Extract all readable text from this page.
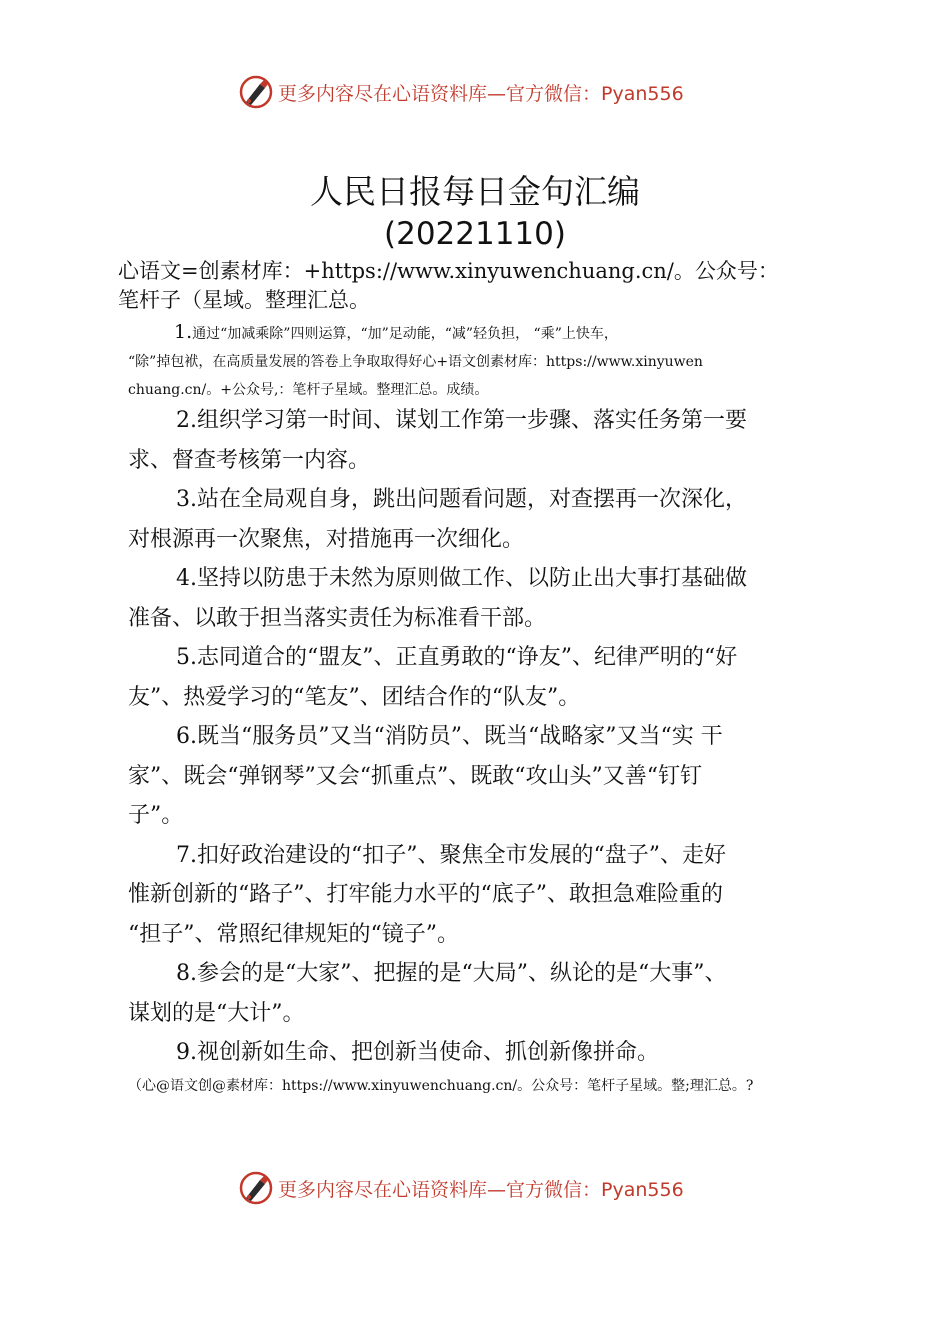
更多内容尽在心语资料库—官方微信：Pyan556
人民日报每日金句汇编
(20221110)
心语文=创素材库：+https://www.xinyuwenchuang.cn/。公众号：
笔杆子（星域。整理汇总。
1.通过“加减乘除”四则运算，“加”足动能，“减”轻负担， “乘”上快车，
“除”掉包袱，在高质量发展的答卷上争取取得好心+语文创素材库：https://www.xinyuwen
chuang.cn/。+公众号,：笔杆子星域。整理汇总。成绩。
2.组织学习第一时间、谋划工作第一步骤、落实任务第一要
求、督查考核第一内容。
3.站在全局观自身，跳出问题看问题，对查摆再一次深化，
对根源再一次聚焦，对措施再一次细化。
4.坚持以防患于未然为原则做工作、以防止出大事打基础做
准备、以敢于担当落实责任为标准看干部。
5.志同道合的“盟友”、正直勇敢的“诤友”、纪律严明的“好
友”、热爱学习的“笔友”、团结合作的“队友”。
6.既当“服务员”又当“消防员”、既当“战略家”又当“实 干
家”、既会“弹钢琴”又会“抓重点”、既敢“攻山头”又善“钉钉
子”。
7.扣好政治建设的“扣子”、聚焦全市发展的“盘子”、走好
惟新创新的“路子”、打牢能力水平的“底子”、敢担急难险重的
“担子”、常照纪律规矩的“镜子”。
8.参会的是“大家”、把握的是“大局”、纵论的是“大事”、
谋划的是“大计”。
9.视创新如生命、把创新当使命、抓创新像拼命。
（心@语文创@素材库：https://www.xinyuwenchuang.cn/。公众号：笔杆子星域。整;理汇总。?
更多内容尽在心语资料库—官方微信：Pyan556
